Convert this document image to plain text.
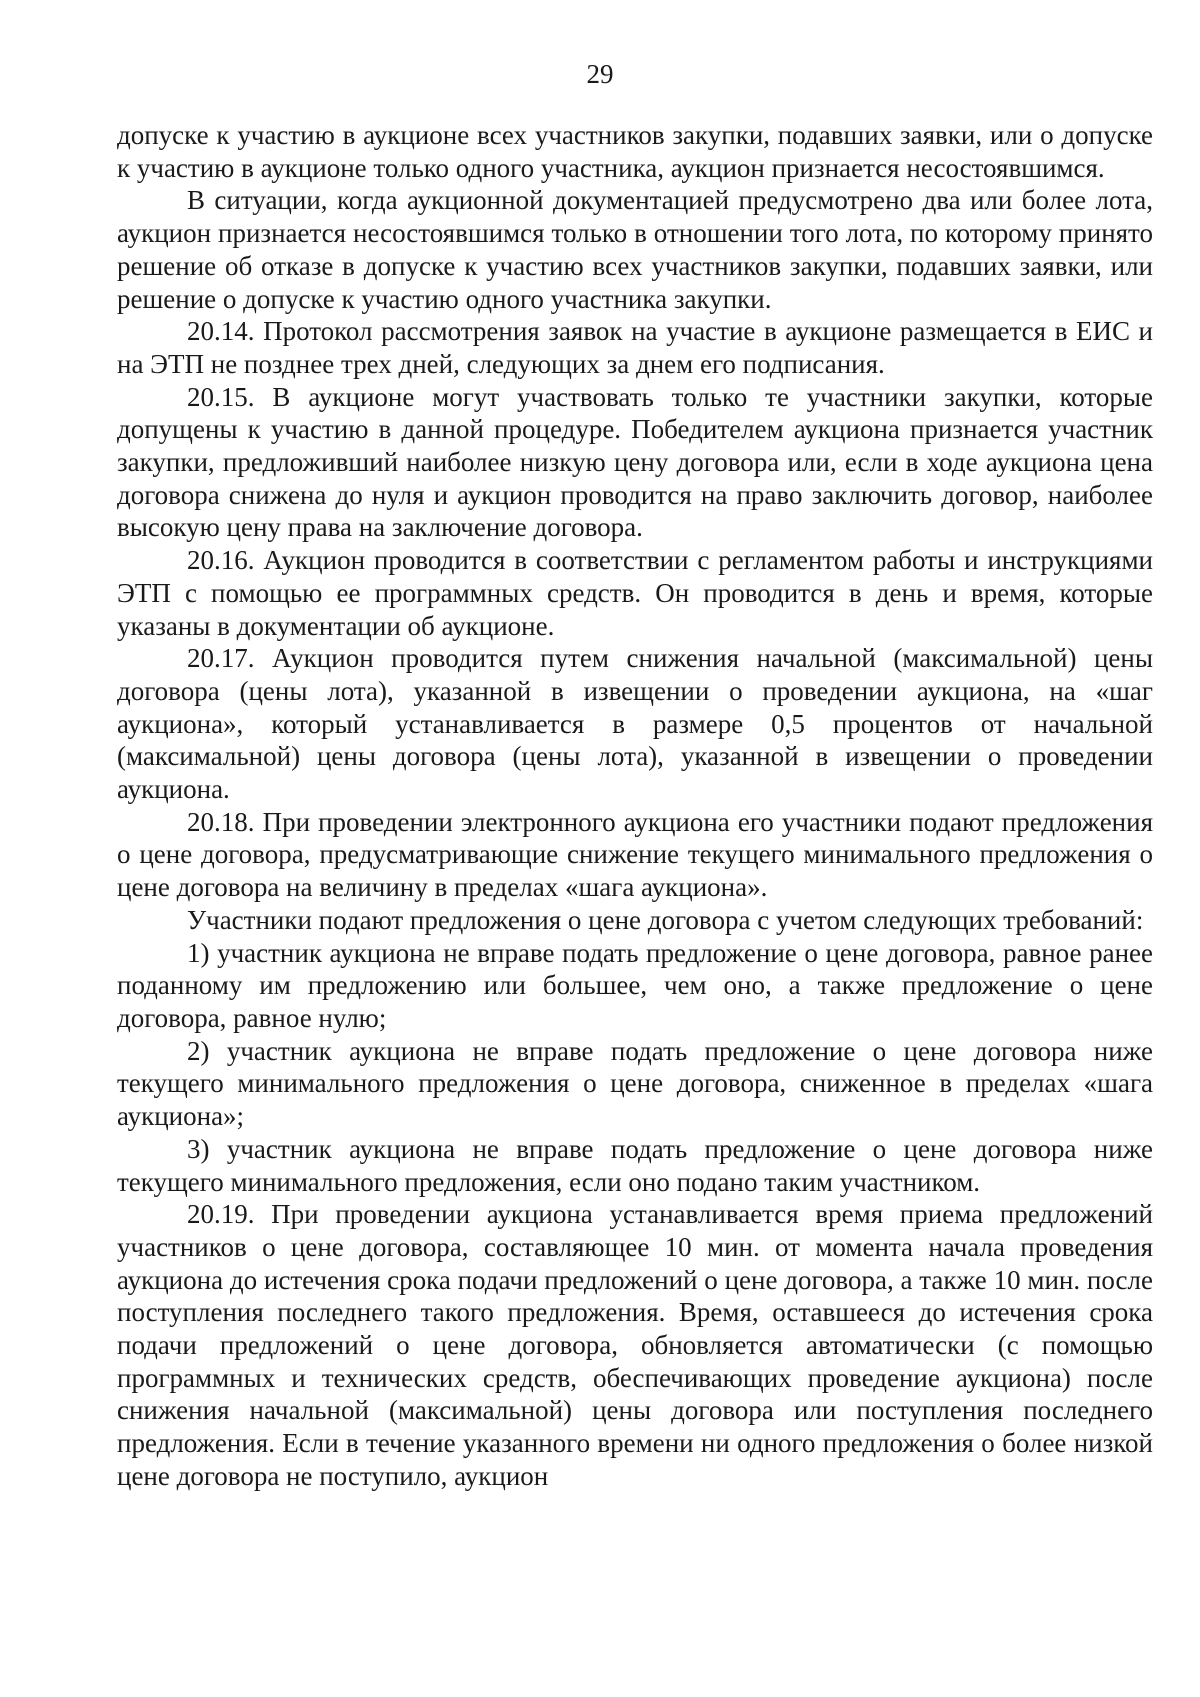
29

допуске к участию в аукционе всех участников закупки, подавших заявки, или о допуске к участию в аукционе только одного участника, аукцион признается несостоявшимся.

В ситуации, когда аукционной документацией предусмотрено два или более лота, аукцион признается несостоявшимся только в отношении того лота, по которому принято решение об отказе в допуске к участию всех участников закупки, подавших заявки, или решение о допуске к участию одного участника закупки.

20.14. Протокол рассмотрения заявок на участие в аукционе размещается в ЕИС и на ЭТП не позднее трех дней, следующих за днем его подписания.

20.15. В аукционе могут участвовать только те участники закупки, которые допущены к участию в данной процедуре. Победителем аукциона признается участник закупки, предложивший наиболее низкую цену договора или, если в ходе аукциона цена договора снижена до нуля и аукцион проводится на право заключить договор, наиболее высокую цену права на заключение договора.

20.16. Аукцион проводится в соответствии с регламентом работы и инструкциями ЭТП с помощью ее программных средств. Он проводится в день и время, которые указаны в документации об аукционе.

20.17. Аукцион проводится путем снижения начальной (максимальной) цены договора (цены лота), указанной в извещении о проведении аукциона, на «шаг аукциона», который устанавливается в размере 0,5 процентов от начальной (максимальной) цены договора (цены лота), указанной в извещении о проведении аукциона.

20.18. При проведении электронного аукциона его участники подают предложения о цене договора, предусматривающие снижение текущего минимального предложения о цене договора на величину в пределах «шага аукциона».

Участники подают предложения о цене договора с учетом следующих требований:

1) участник аукциона не вправе подать предложение о цене договора, равное ранее поданному им предложению или большее, чем оно, а также предложение о цене договора, равное нулю;

2) участник аукциона не вправе подать предложение о цене договора ниже текущего минимального предложения о цене договора, сниженное в пределах «шага аукциона»;

3) участник аукциона не вправе подать предложение о цене договора ниже текущего минимального предложения, если оно подано таким участником.

20.19. При проведении аукциона устанавливается время приема предложений участников о цене договора, составляющее 10 мин. от момента начала проведения аукциона до истечения срока подачи предложений о цене договора, а также 10 мин. после поступления последнего такого предложения. Время, оставшееся до истечения срока подачи предложений о цене договора, обновляется автоматически (с помощью программных и технических средств, обеспечивающих проведение аукциона) после снижения начальной (максимальной) цены договора или поступления последнего предложения. Если в течение указанного времени ни одного предложения о более низкой цене договора не поступило, аукцион
